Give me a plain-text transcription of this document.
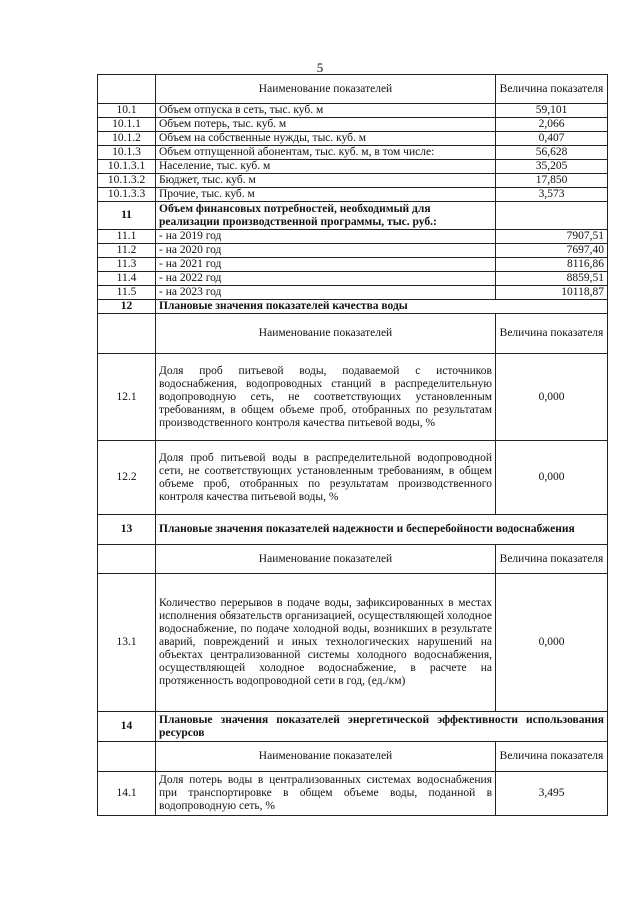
5
	Наименование показателей	Величина показателя
10.1	Объем отпуска в сеть, тыс. куб. м	59,101
10.1.1	Объем потерь, тыс. куб. м	2,066
10.1.2	Объем на собственные нужды, тыс. куб. м	0,407
10.1.3	Объем отпущенной абонентам, тыс. куб. м, в том числе:	56,628
10.1.3.1	Население, тыс. куб. м	35,205
10.1.3.2	Бюджет, тыс. куб. м	17,850
10.1.3.3	Прочие, тыс. куб. м	3,573
11	Объем финансовых потребностей, необходимый для реализации производственной программы, тыс. руб.:	
11.1	- на 2019 год	7907,51
11.2	- на 2020 год	7697,40
11.3	- на 2021 год	8116,86
11.4	- на 2022 год	8859,51
11.5	- на 2023 год	10118,87
12	Плановые значения показателей качества воды	
	Наименование показателей	Величина показателя
12.1	Доля проб питьевой воды, подаваемой с источников водоснабжения, водопроводных станций в распределительную водопроводную сеть, не соответствующих установленным требованиям, в общем объеме проб, отобранных по результатам производственного контроля качества питьевой воды, %	0,000
12.2	Доля проб питьевой воды в распределительной водопроводной сети, не соответствующих установленным требованиям, в общем объеме проб, отобранных по результатам производственного контроля качества питьевой воды, %	0,000
13	Плановые значения показателей надежности и бесперебойности водоснабжения	

	Наименование показателей	Величина показателя
13.1	Количество перерывов в подаче воды, зафиксированных в местах исполнения обязательств организацией, осуществляющей холодное водоснабжение, по подаче холодной воды, возникших в результате аварий, повреждений и иных технологических нарушений на объектах централизованной системы холодного водоснабжения, осуществляющей холодное водоснабжение, в расчете на протяженность водопроводной сети в год, (ед./км)	0,000
14	Плановые значения показателей энергетической эффективности использования ресурсов	

	Наименование показателей	Величина показателя
14.1	Доля потерь воды в централизованных системах водоснабжения при транспортировке в общем объеме воды, поданной в водопроводную сеть, %	3,495
